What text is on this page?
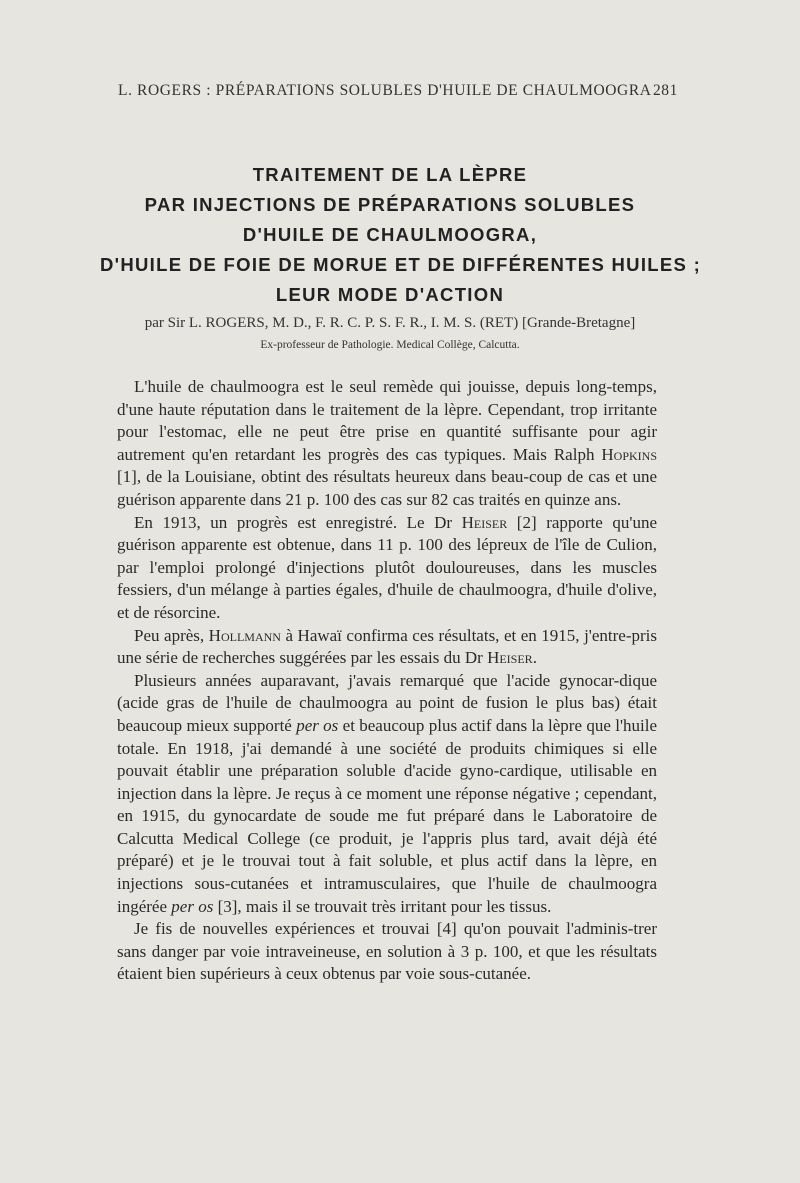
L. ROGERS : PRÉPARATIONS SOLUBLES D'HUILE DE CHAULMOOGRA 281
TRAITEMENT DE LA LÈPRE
PAR INJECTIONS DE PRÉPARATIONS SOLUBLES
D'HUILE DE CHAULMOOGRA,
D'HUILE DE FOIE DE MORUE ET DE DIFFÉRENTES HUILES ;
LEUR MODE D'ACTION
par Sir L. ROGERS, M. D., F. R. C. P. S. F. R., I. M. S. (RET) [Grande-Bretagne]
Ex-professeur de Pathologie. Medical Collège, Calcutta.

L'huile de chaulmoogra est le seul remède qui jouisse, depuis long-temps, d'une haute réputation dans le traitement de la lèpre. Cependant, trop irritante pour l'estomac, elle ne peut être prise en quantité suffisante pour agir autrement qu'en retardant les progrès des cas typiques. Mais Ralph Hopkins [1], de la Louisiane, obtint des résultats heureux dans beau-coup de cas et une guérison apparente dans 21 p. 100 des cas sur 82 cas traités en quinze ans.

En 1913, un progrès est enregistré. Le Dr Heiser [2] rapporte qu'une guérison apparente est obtenue, dans 11 p. 100 des lépreux de l'île de Culion, par l'emploi prolongé d'injections plutôt douloureuses, dans les muscles fessiers, d'un mélange à parties égales, d'huile de chaulmoogra, d'huile d'olive, et de résorcine.

Peu après, Hollmann à Hawaï confirma ces résultats, et en 1915, j'entre-pris une série de recherches suggérées par les essais du Dr Heiser.

Plusieurs années auparavant, j'avais remarqué que l'acide gynocar-dique (acide gras de l'huile de chaulmoogra au point de fusion le plus bas) était beaucoup mieux supporté per os et beaucoup plus actif dans la lèpre que l'huile totale. En 1918, j'ai demandé à une société de produits chimiques si elle pouvait établir une préparation soluble d'acide gyno-cardique, utilisable en injection dans la lèpre. Je reçus à ce moment une réponse négative ; cependant, en 1915, du gynocardate de soude me fut préparé dans le Laboratoire de Calcutta Medical College (ce produit, je l'appris plus tard, avait déjà été préparé) et je le trouvai tout à fait soluble, et plus actif dans la lèpre, en injections sous-cutanées et intramusculaires, que l'huile de chaulmoogra ingérée per os [3], mais il se trouvait très irritant pour les tissus.

Je fis de nouvelles expériences et trouvai [4] qu'on pouvait l'adminis-trer sans danger par voie intraveineuse, en solution à 3 p. 100, et que les résultats étaient bien supérieurs à ceux obtenus par voie sous-cutanée.
